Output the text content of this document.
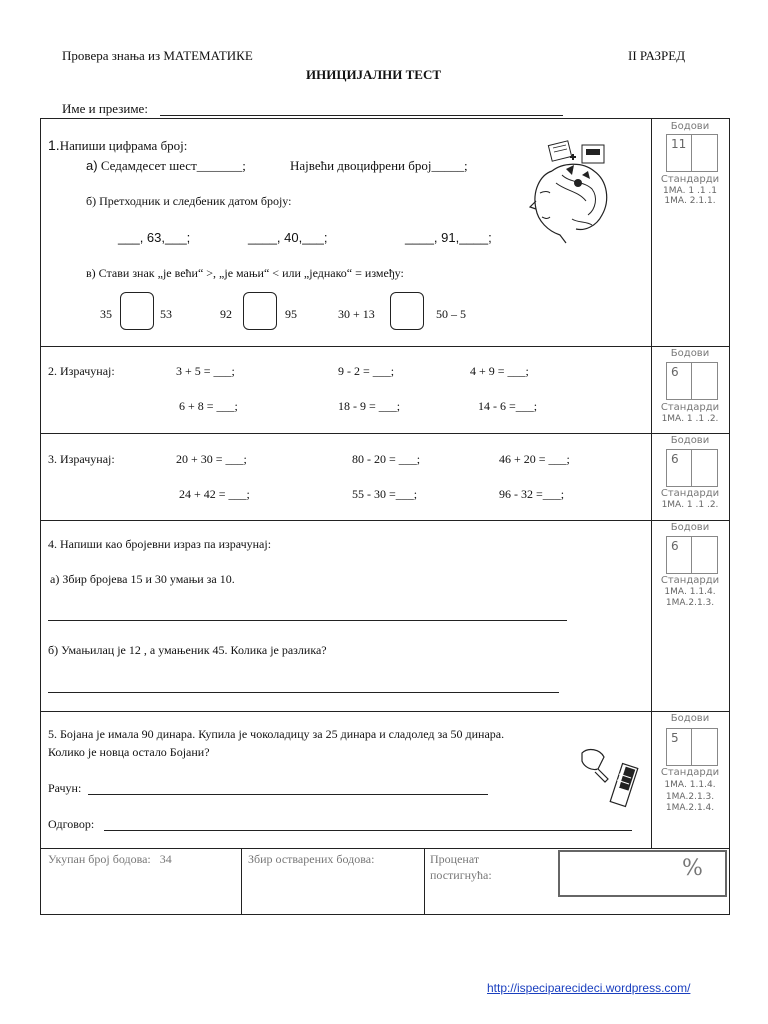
Провера знања из МАТЕМАТИКЕ	II РАЗРЕД
ИНИЦИЈАЛНИ ТЕСТ
Име и презиме:
1.Напиши цифрама број:
а) Седамдесет шест_______;	Највећи двоцифрени број_____;
б) Претходник и следбеник датом броју:
___, 63,___;	____, 40,___;	____, 91,____;
в) Стави знак „је већи“ >, „је мањи“ < или „једнако“ = између:
35	53	92	95	30 + 13	50 – 5
Бодови
11
Стандарди
1МА. 1 .1 .1
1МА. 2.1.1.
2. Израчунај:	3 + 5 = ___;	9 - 2 = ___;	4 + 9 = ___;
6 + 8 = ___;	18 - 9 = ___;	14 - 6 =___;
Бодови
6
Стандарди
1МА. 1 .1 .2.
3. Израчунај:	20 + 30 = ___;	80 - 20 = ___;	46 + 20 = ___;
24 + 42 = ___;	55 - 30 =___;	96 - 32 =___;
Бодови
6
Стандарди
1МА. 1 .1 .2.
4. Напиши као бројевни израз па израчунај:
а) Збир бројева 15 и 30 умањи за 10.
б) Умањилац је 12 , а умањеник 45. Колика је разлика?
Бодови
6
Стандарди
1МА. 1.1.4.
1МА.2.1.3.
5. Бојана је имала 90 динара. Купила је чоколадицу за 25 динара и сладолед за 50 динара.
Колико је новца остало Бојани?
Рачун:
Одговор:
Бодови
5
Стандарди
1МА. 1.1.4.
1МА.2.1.3.
1МА.2.1.4.
Укупан број бодова: 34	Збир остварених бодова:	Проценат
постигнућа:	%
http://ispeciparecideci.wordpress.com/
